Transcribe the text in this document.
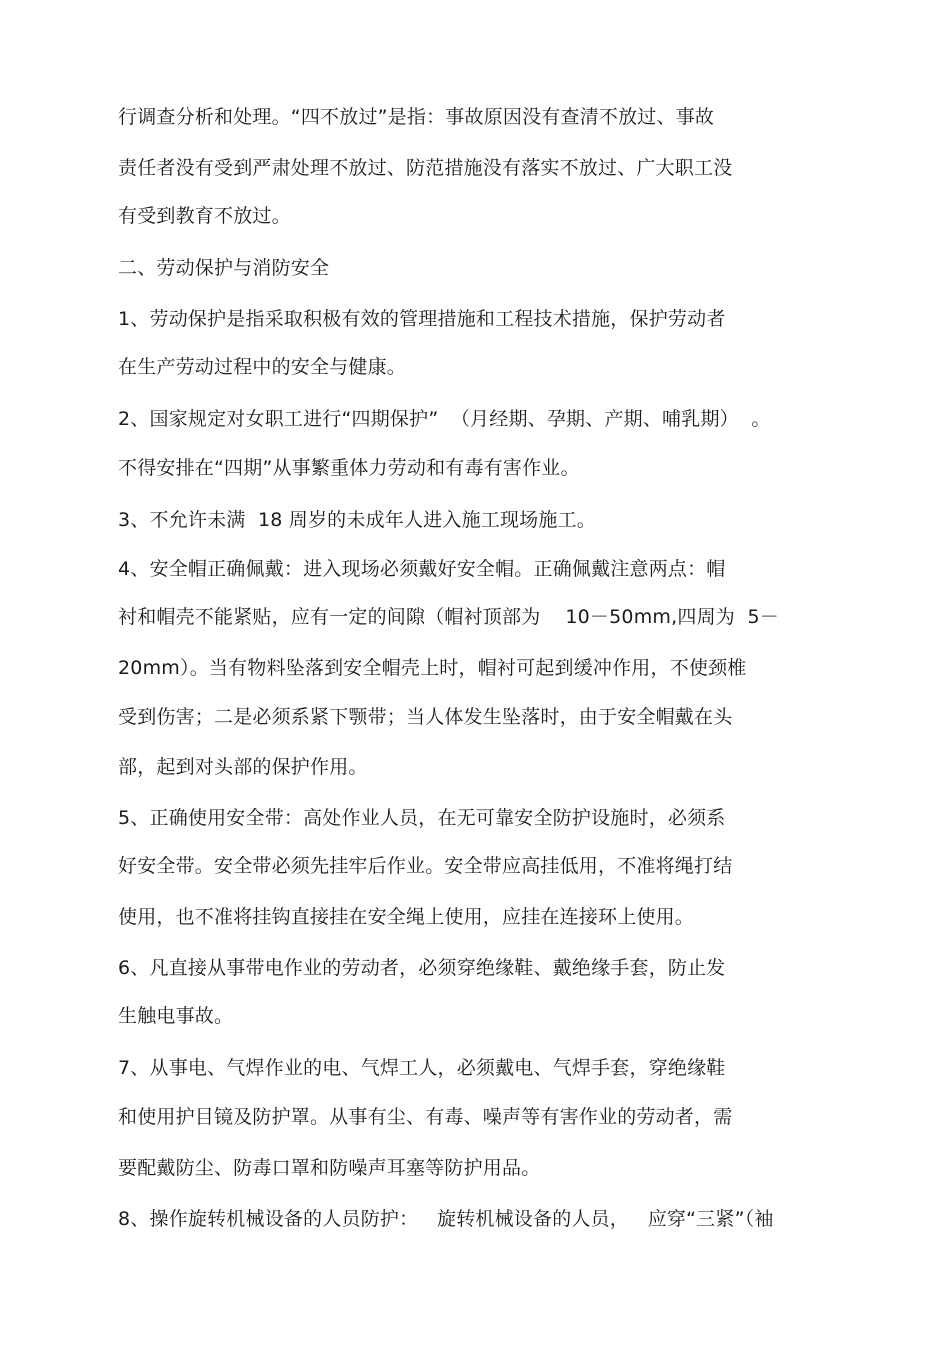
行调查分析和处理。“四不放过”是指：事故原因没有查清不放过、事故
责任者没有受到严肃处理不放过、防范措施没有落实不放过、广大职工没
有受到教育不放过。
二、劳动保护与消防安全
1、劳动保护是指采取积极有效的管理措施和工程技术措施，保护劳动者
在生产劳动过程中的安全与健康。
2、国家规定对女职工进行“四期保护”  （月经期、孕期、产期、哺乳期）  。
不得安排在“四期”从事繁重体力劳动和有毒有害作业。
3、不允许未满  18 周岁的未成年人进入施工现场施工。
4、安全帽正确佩戴：进入现场必须戴好安全帽。正确佩戴注意两点：帽
衬和帽壳不能紧贴，应有一定的间隙（帽衬顶部为    10－50mm,四周为  5－
20mm）。当有物料坠落到安全帽壳上时，帽衬可起到缓冲作用，不使颈椎
受到伤害；二是必须系紧下颚带；当人体发生坠落时，由于安全帽戴在头
部，起到对头部的保护作用。
5、正确使用安全带：高处作业人员，在无可靠安全防护设施时，必须系
好安全带。安全带必须先挂牢后作业。安全带应高挂低用，不准将绳打结
使用，也不准将挂钩直接挂在安全绳上使用，应挂在连接环上使用。
6、凡直接从事带电作业的劳动者，必须穿绝缘鞋、戴绝缘手套，防止发
生触电事故。
7、从事电、气焊作业的电、气焊工人，必须戴电、气焊手套，穿绝缘鞋
和使用护目镜及防护罩。从事有尘、有毒、噪声等有害作业的劳动者，需
要配戴防尘、防毒口罩和防噪声耳塞等防护用品。
8、操作旋转机械设备的人员防护：   旋转机械设备的人员，   应穿“三紧”（袖
